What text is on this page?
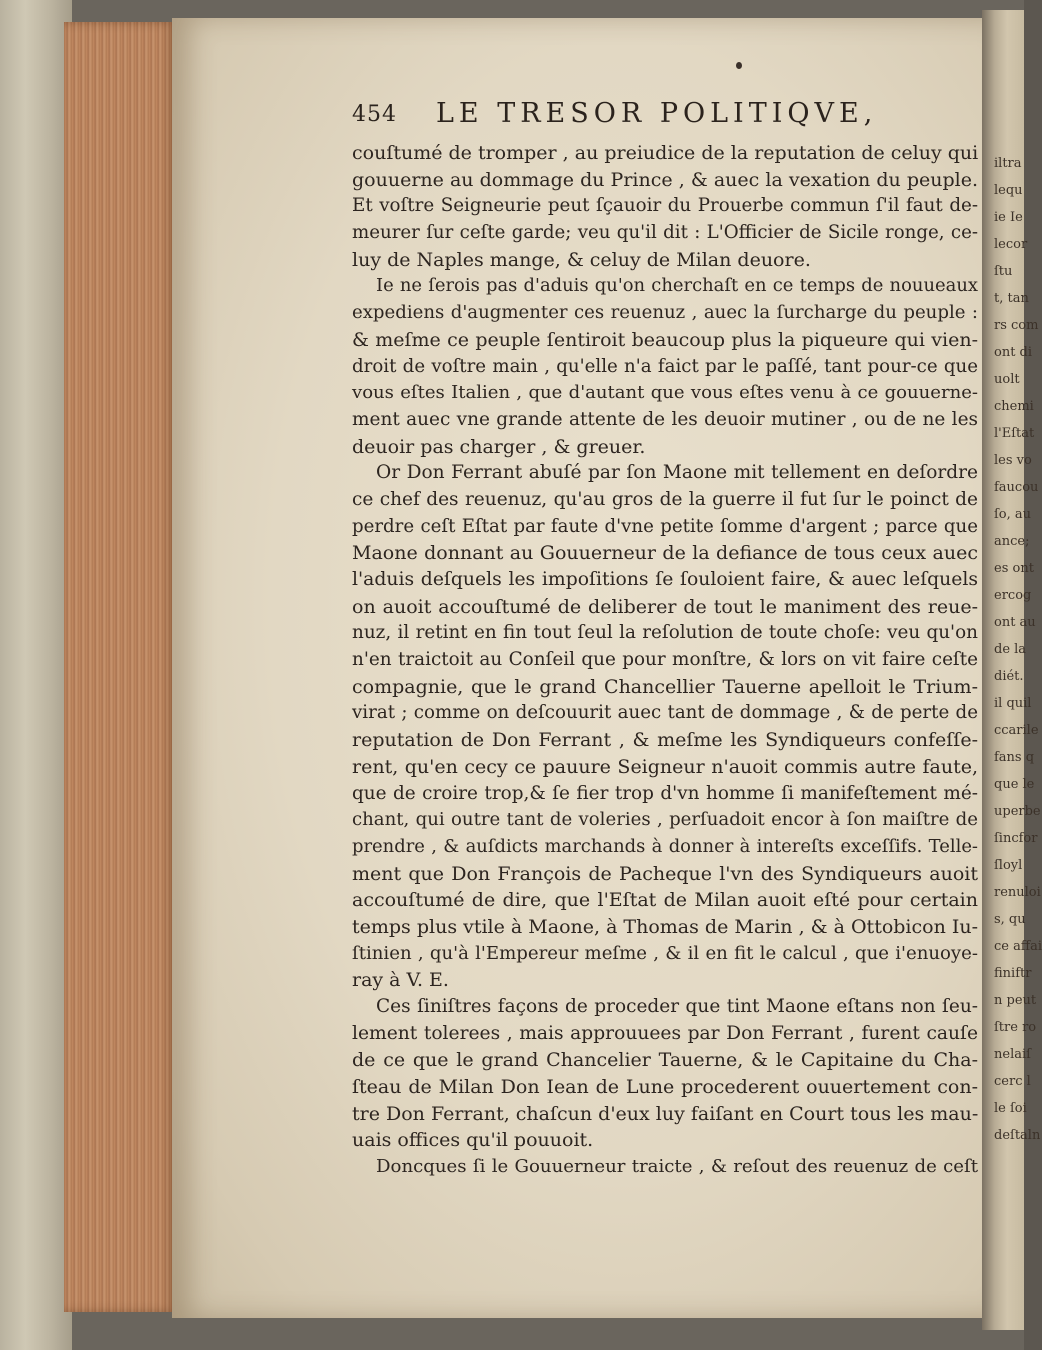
454 LE TRESOR POLITIQVE,
couſtumé de tromper , au preiudice de la reputation de celuy qui
gouuerne au dommage du Prince , & auec la vexation du peuple.
Et voſtre Seigneurie peut ſçauoir du Prouerbe commun ſ'il faut de-
meurer ſur ceſte garde; veu qu'il dit : L'Officier de Sicile ronge, ce-
luy de Naples mange, & celuy de Milan deuore.
Ie ne ſerois pas d'aduis qu'on cherchaſt en ce temps de nouueaux
expediens d'augmenter ces reuenuz , auec la ſurcharge du peuple :
& meſme ce peuple ſentiroit beaucoup plus la piqueure qui vien-
droit de voſtre main , qu'elle n'a faict par le paſſé, tant pour-ce que
vous eſtes Italien , que d'autant que vous eſtes venu à ce gouuerne-
ment auec vne grande attente de les deuoir mutiner , ou de ne les
deuoir pas charger , & greuer.
Or Don Ferrant abuſé par ſon Maone mit tellement en deſordre
ce chef des reuenuz, qu'au gros de la guerre il fut ſur le poinct de
perdre ceſt Eſtat par faute d'vne petite ſomme d'argent ; parce que
Maone donnant au Gouuerneur de la defiance de tous ceux auec
l'aduis deſquels les impoſitions ſe ſouloient faire, & auec leſquels
on auoit accouſtumé de deliberer de tout le maniment des reue-
nuz, il retint en fin tout ſeul la reſolution de toute choſe: veu qu'on
n'en traictoit au Conſeil que pour monſtre, & lors on vit faire ceſte
compagnie, que le grand Chancellier Tauerne apelloit le Trium-
virat ; comme on deſcouurit auec tant de dommage , & de perte de
reputation de Don Ferrant , & meſme les Syndiqueurs confeſſe-
rent, qu'en cecy ce pauure Seigneur n'auoit commis autre faute,
que de croire trop,& ſe fier trop d'vn homme ſi manifeſtement mé-
chant, qui outre tant de voleries , perſuadoit encor à ſon maiſtre de
prendre , & auſdicts marchands à donner à intereſts exceſſifs. Telle-
ment que Don François de Pacheque l'vn des Syndiqueurs auoit
accouſtumé de dire, que l'Eſtat de Milan auoit eſté pour certain
temps plus vtile à Maone, à Thomas de Marin , & à Ottobicon Iu-
ſtinien , qu'à l'Empereur meſme , & il en fit le calcul , que i'enuoye-
ray à V. E.
Ces ſiniſtres façons de proceder que tint Maone eſtans non ſeu-
lement tolerees , mais approuuees par Don Ferrant , furent cauſe
de ce que le grand Chancelier Tauerne, & le Capitaine du Cha-
ſteau de Milan Don Iean de Lune procederent ouuertement con-
tre Don Ferrant, chaſcun d'eux luy faiſant en Court tous les mau-
uais offices qu'il pouuoit.
Doncques ſi le Gouuerneur traicte , & reſout des reuenuz de ceſt
iltra
lequ
ie Ie
lecor
ſtu
t, tan
rs com
ont di
uolt
chemi
l'Eſtat
les vo
faucou
ſo, au
ance;
es ont
ercog
ont au
de la
diét.
il quil
ccarile
fans q
que le
uperbe
ſincfor
ſloyl
renuloi
s, qu
ce affai
finiftr
n peut
ſtre ro
nelaiſ
cerc l
le ſoi
deſtaln
